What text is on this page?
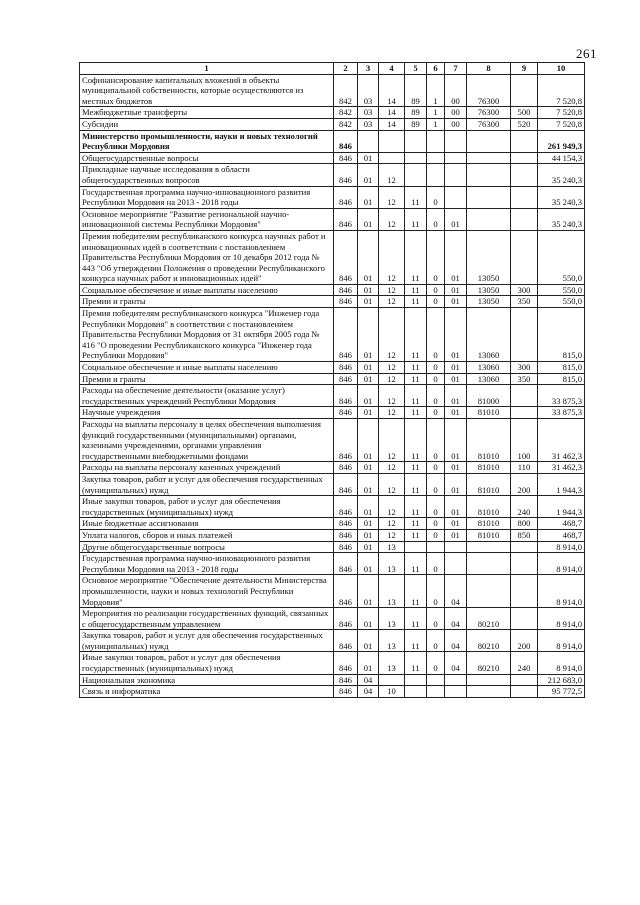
261
1	2	3	4	5	6	7	8	9	10
Софинансирование капитальных вложений в объекты муниципальной собственности, которые осуществляются из местных бюджетов	842	03	14	89	1	00	76300		7 520,8
Межбюджетные трансферты	842	03	14	89	1	00	76300	500	7 520,8
Субсидии	842	03	14	89	1	00	76300	520	7 520,8
Министерство промышленности, науки и новых технологий Республики Мордовия	846								261 949,3
Общегосударственные вопросы	846	01							44 154,3
Прикладные научные исследования в области общегосударственных вопросов	846	01	12						35 240,3
Государственная программа научно-инновационного развития Республики Мордовия на 2013 - 2018 годы	846	01	12	11	0				35 240,3
Основное мероприятие "Развитие региональной научно-инновационной системы Республики Мордовия"	846	01	12	11	0	01			35 240,3
Премия победителям республиканского конкурса научных работ и инновационных идей в соответствии с постановлением Правительства Республики Мордовия от 10 декабря 2012 года № 443 "Об утверждении Положения о проведении Республиканского конкурса научных работ и инновационных идей"	846	01	12	11	0	01	13050		550,0
Социальное обеспечение и иные выплаты населению	846	01	12	11	0	01	13050	300	550,0
Премии и гранты	846	01	12	11	0	01	13050	350	550,0
Премия победителям республиканского конкурса "Инженер года Республики Мордовия" в соответствии с постановлением Правительства Республики Мордовия от 31 октября 2005 года № 416 "О проведении Республиканского конкурса "Инженер года Республики Мордовия"	846	01	12	11	0	01	13060		815,0
Социальное обеспечение и иные выплаты населению	846	01	12	11	0	01	13060	300	815,0
Премии и гранты	846	01	12	11	0	01	13060	350	815,0
Расходы на обеспечение деятельности (оказание услуг) государственных учреждений Республики Мордовия	846	01	12	11	0	01	81000		33 875,3
Научные учреждения	846	01	12	11	0	01	81010		33 875,3
Расходы на выплаты персоналу в целях обеспечения выполнения функций государственными (муниципальными) органами, казенными учреждениями, органами управления государственными внебюджетными фондами	846	01	12	11	0	01	81010	100	31 462,3
Расходы на выплаты персоналу казенных учреждений	846	01	12	11	0	01	81010	110	31 462,3
Закупка товаров, работ и услуг для обеспечения государственных (муниципальных) нужд	846	01	12	11	0	01	81010	200	1 944,3
Иные закупки товаров, работ и услуг для обеспечения государственных (муниципальных) нужд	846	01	12	11	0	01	81010	240	1 944,3
Иные бюджетные ассигнования	846	01	12	11	0	01	81010	800	468,7
Уплата налогов, сборов и иных платежей	846	01	12	11	0	01	81010	850	468,7
Другие общегосударственные вопросы	846	01	13						8 914,0
Государственная программа научно-инновационного развития Республики Мордовия на 2013 - 2018 годы	846	01	13	11	0				8 914,0
Основное мероприятие "Обеспечение деятельности Министерства промышленности, науки и новых технологий Республики Мордовия"	846	01	13	11	0	04			8 914,0
Мероприятия по реализации государственных функций, связанных с общегосударственным управлением	846	01	13	11	0	04	80210		8 914,0
Закупка товаров, работ и услуг для обеспечения государственных (муниципальных) нужд	846	01	13	11	0	04	80210	200	8 914,0
Иные закупки товаров, работ и услуг для обеспечения государственных (муниципальных) нужд	846	01	13	11	0	04	80210	240	8 914,0
Национальная экономика	846	04							212 683,0
Связь и информатика	846	04	10						95 772,5
